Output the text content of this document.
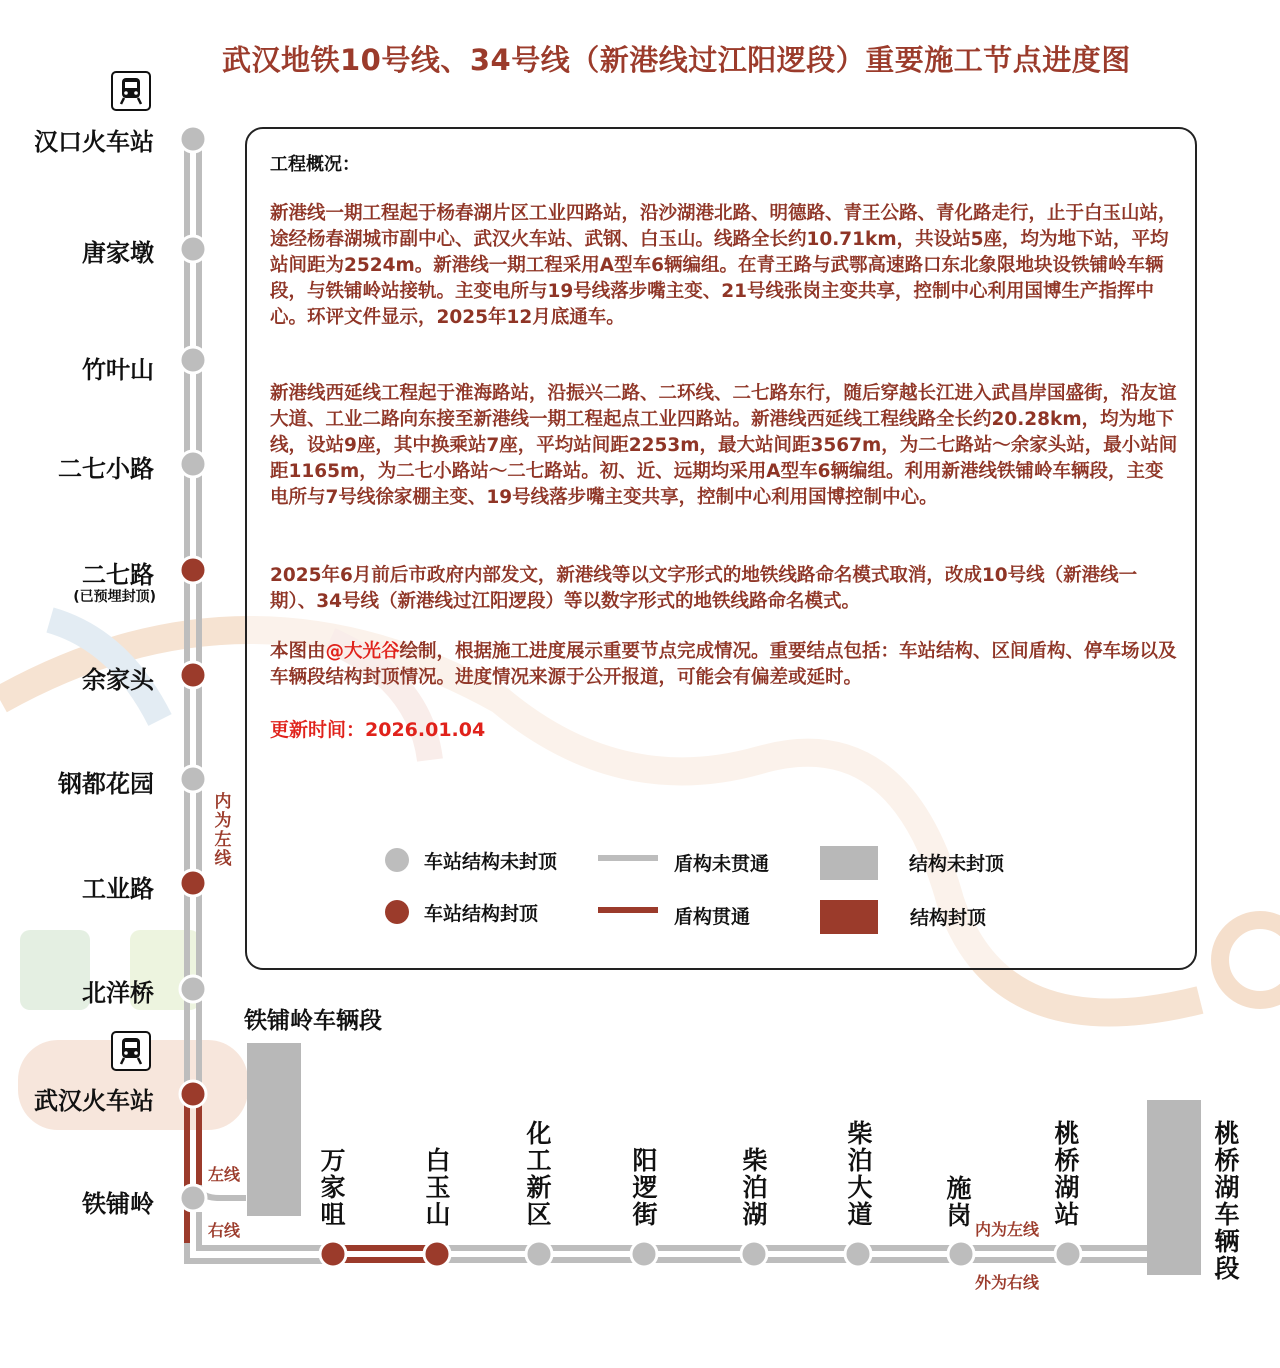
武汉地铁10号线、34号线（新港线过江阳逻段）重要施工节点进度图
汉口火车站
唐家墩
竹叶山
二七小路
二七路
(已预埋封顶)
余家头
钢都花园
工业路
北洋桥
武汉火车站
铁铺岭
万家咀
白玉山
化工新区
阳逻街
柴泊湖
柴泊大道
施岗
桃桥湖站
铁铺岭车辆段
桃桥湖车辆段
内为左线
左线
右线	内为左线
外为右线
工程概况：
新港线一期工程起于杨春湖片区工业四路站，沿沙湖港北路、明德路、青王公路、青化路走行，止于白玉山站，途经杨春湖城市副中心、武汉火车站、武钢、白玉山。线路全长约10.71km，共设站5座，均为地下站，平均站间距为2524m。新港线一期工程采用A型车6辆编组。在青王路与武鄂高速路口东北象限地块设铁铺岭车辆段，与铁铺岭站接轨。主变电所与19号线落步嘴主变、21号线张岗主变共享，控制中心利用国博生产指挥中心。环评文件显示，2025年12月底通车。
新港线西延线工程起于淮海路站，沿振兴二路、二环线、二七路东行，随后穿越长江进入武昌岸国盛街，沿友谊大道、工业二路向东接至新港线一期工程起点工业四路站。新港线西延线工程线路全长约20.28km，均为地下线，设站9座，其中换乘站7座，平均站间距2253m，最大站间距3567m，为二七路站～余家头站，最小站间距1165m，为二七小路站～二七路站。初、近、远期均采用A型车6辆编组。利用新港线铁铺岭车辆段，主变电所与7号线徐家棚主变、19号线落步嘴主变共享，控制中心利用国博控制中心。
2025年6月前后市政府内部发文，新港线等以文字形式的地铁线路命名模式取消，改成10号线（新港线一期）、34号线（新港线过江阳逻段）等以数字形式的地铁线路命名模式。
本图由@大光谷绘制，根据施工进度展示重要节点完成情况。重要结点包括：车站结构、区间盾构、停车场以及车辆段结构封顶情况。进度情况来源于公开报道，可能会有偏差或延时。
更新时间：2026.01.04
车站结构未封顶
车站结构封顶
盾构未贯通
盾构贯通
结构未封顶
结构封顶
